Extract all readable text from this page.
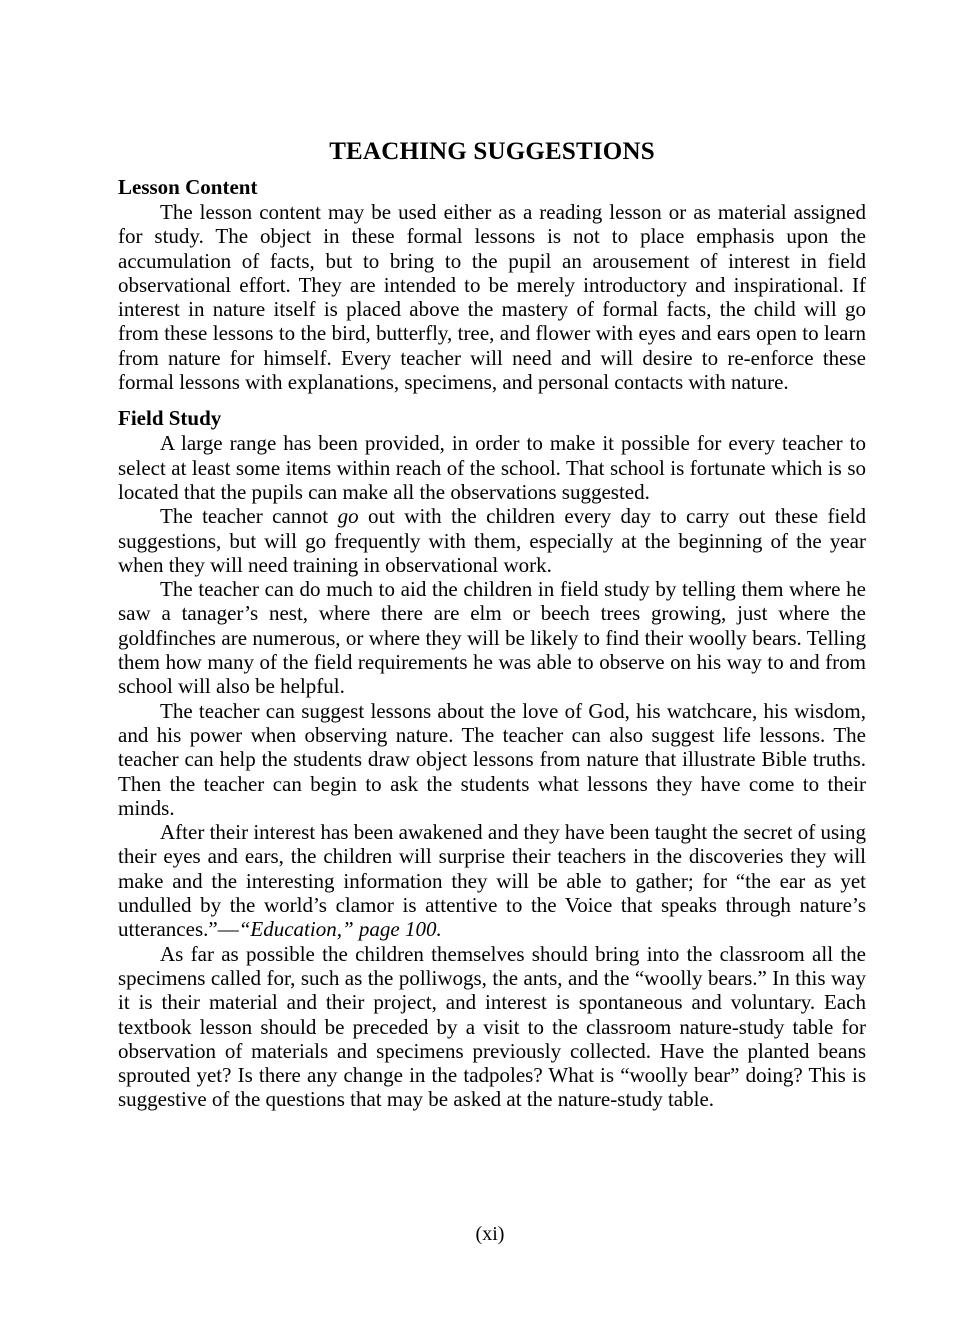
TEACHING SUGGESTIONS
Lesson Content

The lesson content may be used either as a reading lesson or as material assigned for study. The object in these formal lessons is not to place emphasis upon the accumulation of facts, but to bring to the pupil an arousement of interest in field observational effort. They are intended to be merely introductory and inspirational. If interest in nature itself is placed above the mastery of formal facts, the child will go from these lessons to the bird, butterfly, tree, and flower with eyes and ears open to learn from nature for himself. Every teacher will need and will desire to re-enforce these formal lessons with explanations, specimens, and personal contacts with nature.

Field Study

A large range has been provided, in order to make it possible for every teacher to select at least some items within reach of the school. That school is fortunate which is so located that the pupils can make all the observations suggested.

The teacher cannot go out with the children every day to carry out these field suggestions, but will go frequently with them, especially at the beginning of the year when they will need training in observational work.

The teacher can do much to aid the children in field study by telling them where he saw a tanager’s nest, where there are elm or beech trees growing, just where the goldfinches are numerous, or where they will be likely to find their woolly bears. Telling them how many of the field requirements he was able to observe on his way to and from school will also be helpful.

The teacher can suggest lessons about the love of God, his watchcare, his wisdom, and his power when observing nature. The teacher can also suggest life lessons. The teacher can help the students draw object lessons from nature that illustrate Bible truths. Then the teacher can begin to ask the students what lessons they have come to their minds.

After their interest has been awakened and they have been taught the secret of using their eyes and ears, the children will surprise their teachers in the discoveries they will make and the interesting information they will be able to gather; for “the ear as yet undulled by the world’s clamor is attentive to the Voice that speaks through nature’s utterances.”—“Education,” page 100.

As far as possible the children themselves should bring into the classroom all the specimens called for, such as the polliwogs, the ants, and the “woolly bears.” In this way it is their material and their project, and interest is spontaneous and voluntary. Each textbook lesson should be preceded by a visit to the classroom nature-study table for observation of materials and specimens previously collected. Have the planted beans sprouted yet? Is there any change in the tadpoles? What is “woolly bear” doing? This is suggestive of the questions that may be asked at the nature-study table.

(xi)
